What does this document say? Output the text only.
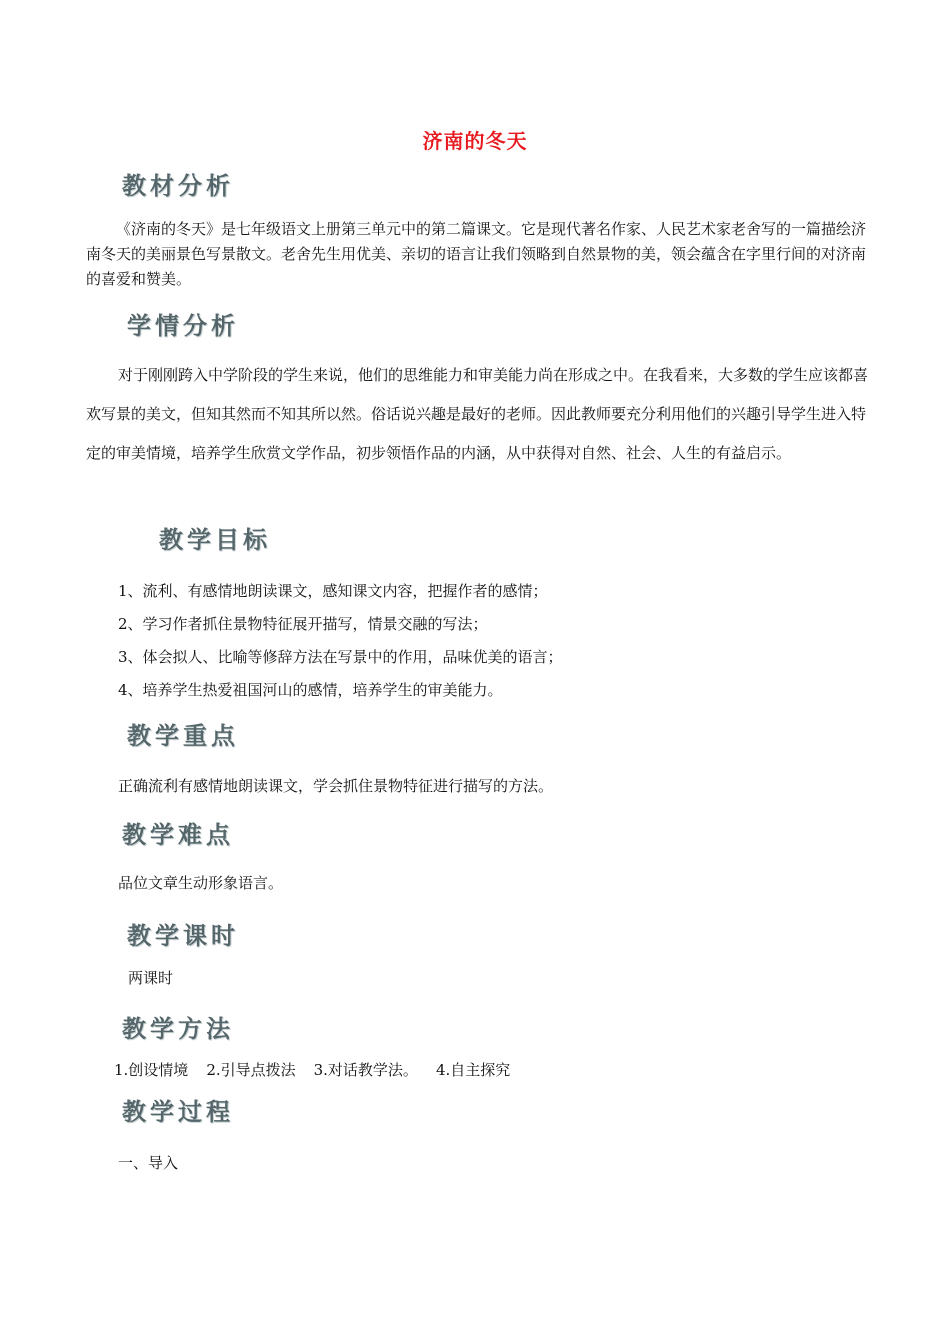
济南的冬天
教材分析
《济南的冬天》是七年级语文上册第三单元中的第二篇课文。它是现代著名作家、人民艺术家老舍写的一篇描绘济南冬天的美丽景色写景散文。老舍先生用优美、亲切的语言让我们领略到自然景物的美，领会蕴含在字里行间的对济南的喜爱和赞美。
学情分析
对于刚刚跨入中学阶段的学生来说，他们的思维能力和审美能力尚在形成之中。在我看来，大多数的学生应该都喜欢写景的美文，但知其然而不知其所以然。俗话说兴趣是最好的老师。因此教师要充分利用他们的兴趣引导学生进入特定的审美情境，培养学生欣赏文学作品，初步领悟作品的内涵，从中获得对自然、社会、人生的有益启示。
教学目标
1、流利、有感情地朗读课文，感知课文内容，把握作者的感情；
2、学习作者抓住景物特征展开描写，情景交融的写法；
3、体会拟人、比喻等修辞方法在写景中的作用，品味优美的语言；
4、培养学生热爱祖国河山的感情，培养学生的审美能力。
教学重点
正确流利有感情地朗读课文，学会抓住景物特征进行描写的方法。
教学难点
品位文章生动形象语言。
教学课时
两课时
教学方法
1.创设情境 2.引导点拨法 3.对话教学法。 4.自主探究
教学过程
一、导入
